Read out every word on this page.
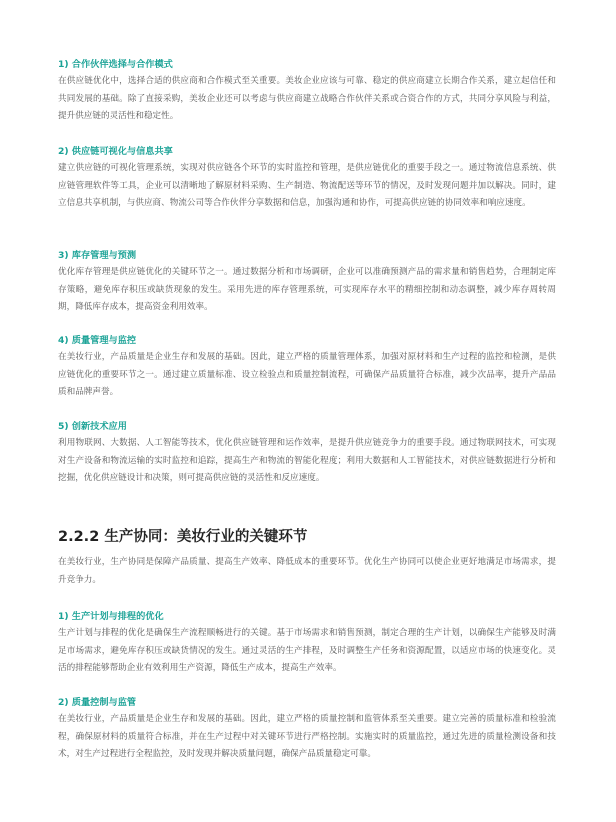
1) 合作伙伴选择与合作模式
在供应链优化中，选择合适的供应商和合作模式至关重要。美妆企业应该与可靠、稳定的供应商建立长期合作关系，建立起信任和共同发展的基础。除了直接采购，美妆企业还可以考虑与供应商建立战略合作伙伴关系或合资合作的方式，共同分享风险与利益，提升供应链的灵活性和稳定性。
2) 供应链可视化与信息共享
建立供应链的可视化管理系统，实现对供应链各个环节的实时监控和管理，是供应链优化的重要手段之一。通过物流信息系统、供应链管理软件等工具，企业可以清晰地了解原材料采购、生产制造、物流配送等环节的情况，及时发现问题并加以解决。同时，建立信息共享机制，与供应商、物流公司等合作伙伴分享数据和信息，加强沟通和协作，可提高供应链的协同效率和响应速度。
3) 库存管理与预测
优化库存管理是供应链优化的关键环节之一。通过数据分析和市场调研，企业可以准确预测产品的需求量和销售趋势，合理制定库存策略，避免库存积压或缺货现象的发生。采用先进的库存管理系统，可实现库存水平的精细控制和动态调整，减少库存周转周期，降低库存成本，提高资金利用效率。
4) 质量管理与监控
在美妆行业，产品质量是企业生存和发展的基础。因此，建立严格的质量管理体系，加强对原材料和生产过程的监控和检测，是供应链优化的重要环节之一。通过建立质量标准、设立检验点和质量控制流程，可确保产品质量符合标准，减少次品率，提升产品品质和品牌声誉。
5) 创新技术应用
利用物联网、大数据、人工智能等技术，优化供应链管理和运作效率，是提升供应链竞争力的重要手段。通过物联网技术，可实现对生产设备和物流运输的实时监控和追踪，提高生产和物流的智能化程度；利用大数据和人工智能技术，对供应链数据进行分析和挖掘，优化供应链设计和决策，则可提高供应链的灵活性和反应速度。
2.2.2 生产协同：美妆行业的关键环节
在美妆行业，生产协同是保障产品质量、提高生产效率、降低成本的重要环节。优化生产协同可以使企业更好地满足市场需求，提升竞争力。
1) 生产计划与排程的优化
生产计划与排程的优化是确保生产流程顺畅进行的关键。基于市场需求和销售预测，制定合理的生产计划，以确保生产能够及时满足市场需求，避免库存积压或缺货情况的发生。通过灵活的生产排程，及时调整生产任务和资源配置，以适应市场的快速变化。灵活的排程能够帮助企业有效利用生产资源，降低生产成本，提高生产效率。
2) 质量控制与监管
在美妆行业，产品质量是企业生存和发展的基础。因此，建立严格的质量控制和监管体系至关重要。建立完善的质量标准和检验流程，确保原材料的质量符合标准，并在生产过程中对关键环节进行严格控制。实施实时的质量监控，通过先进的质量检测设备和技术，对生产过程进行全程监控，及时发现并解决质量问题，确保产品质量稳定可靠。
